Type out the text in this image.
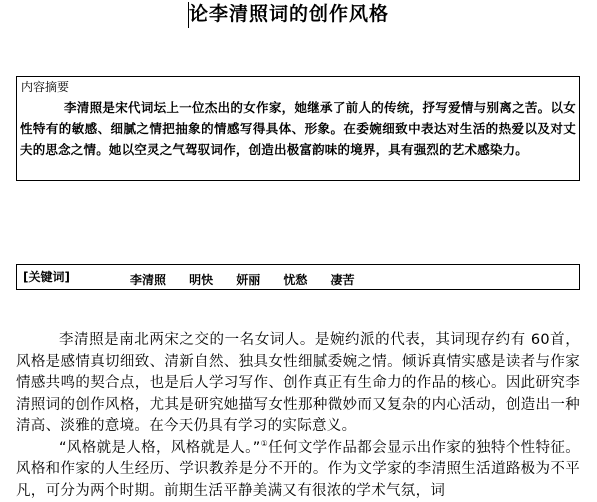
论李清照词的创作风格
内容摘要
李清照是宋代词坛上一位杰出的女作家，她继承了前人的传统，抒写爱情与别离之苦。以女性特有的敏感、细腻之情把抽象的情感写得具体、形象。在委婉细致中表达对生活的热爱以及对丈夫的思念之情。她以空灵之气驾驭词作，创造出极富韵味的境界，具有强烈的艺术感染力。
[关键词]	李清照 明快 妍丽 忧愁 凄苦

李清照是南北两宋之交的一名女词人。是婉约派的代表，其词现存约有 60首，风格是感情真切细致、清新自然、独具女性细腻委婉之情。倾诉真情实感是读者与作家情感共鸣的契合点，也是后人学习写作、创作真正有生命力的作品的核心。因此研究李清照词的创作风格，尤其是研究她描写女性那种微妙而又复杂的内心活动，创造出一种清高、淡雅的意境。在今天仍具有学习的实际意义。

“风格就是人格，风格就是人。”①任何文学作品都会显示出作家的独特个性特征。风格和作家的人生经历、学识教养是分不开的。作为文学家的李清照生活道路极为不平凡，可分为两个时期。前期生活平静美满又有很浓的学术气氛，词
